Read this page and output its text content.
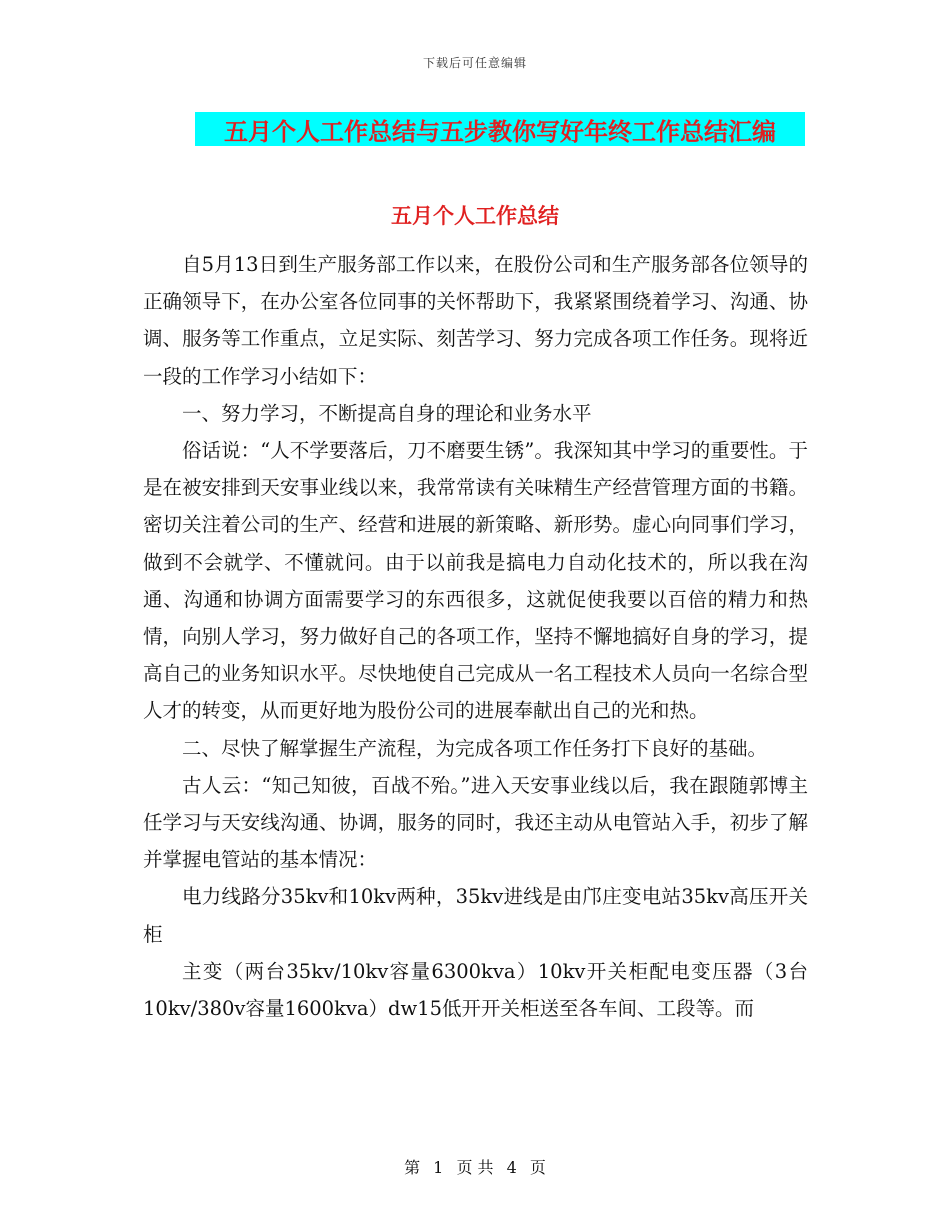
下载后可任意编辑
五月个人工作总结与五步教你写好年终工作总结汇编
五月个人工作总结

自5月13日到生产服务部工作以来，在股份公司和生产服务部各位领导的正确领导下，在办公室各位同事的关怀帮助下，我紧紧围绕着学习、沟通、协调、服务等工作重点，立足实际、刻苦学习、努力完成各项工作任务。现将近一段的工作学习小结如下：

一、努力学习，不断提高自身的理论和业务水平

俗话说：“人不学要落后，刀不磨要生锈”。我深知其中学习的重要性。于是在被安排到天安事业线以来，我常常读有关味精生产经营管理方面的书籍。密切关注着公司的生产、经营和进展的新策略、新形势。虚心向同事们学习，做到不会就学、不懂就问。由于以前我是搞电力自动化技术的，所以我在沟通、沟通和协调方面需要学习的东西很多，这就促使我要以百倍的精力和热情，向别人学习，努力做好自己的各项工作，坚持不懈地搞好自身的学习，提高自己的业务知识水平。尽快地使自己完成从一名工程技术人员向一名综合型人才的转变，从而更好地为股份公司的进展奉献出自己的光和热。

二、尽快了解掌握生产流程，为完成各项工作任务打下良好的基础。

古人云：“知己知彼，百战不殆。”进入天安事业线以后，我在跟随郭博主任学习与天安线沟通、协调，服务的同时，我还主动从电管站入手，初步了解并掌握电管站的基本情况：

电力线路分35kv和10kv两种，35kv进线是由邝庄变电站35kv高压开关柜

主变（两台35kv/10kv容量6300kva）10kv开关柜配电变压器（3台10kv/380v容量1600kva）dw15低开开关柜送至各车间、工段等。而

第 1 页 共 4 页
